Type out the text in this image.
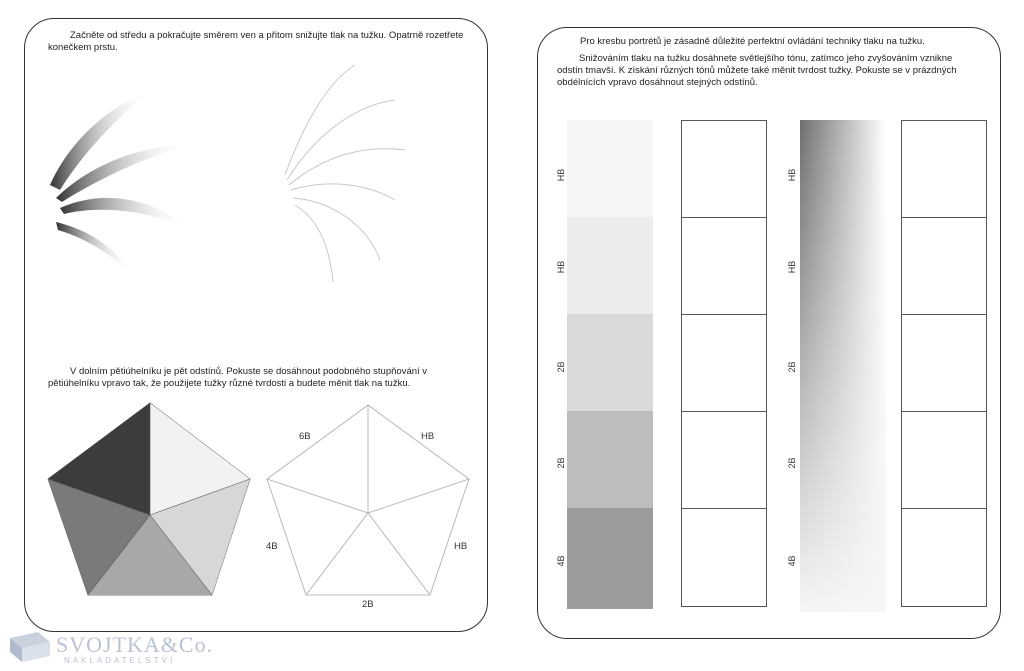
Začněte od středu a pokračujte směrem ven a přitom snižujte tlak na tužku. Opatrně rozetřete konečkem prstu.
V dolním pětiúhelníku je pět odstínů. Pokuste se dosáhnout podobného stupňování v pětiúhelníku vpravo tak, že použijete tužky různé tvrdosti a budete měnit tlak na tužku.
6B	HB
HB
2B
4B
Pro kresbu portrétů je zásadně důležité perfektní ovládání techniky tlaku na tužku.
Snižováním tlaku na tužku dosáhnete světlejšího tónu, zatímco jeho zvyšováním vznikne odstín tmavší. K získání různých tónů můžete také měnit tvrdost tužky. Pokuste se v prázdných obdélnících vpravo dosáhnout stejných odstínů.
HB
HB
2B
2B
4B
HB
HB
2B
2B
4B
SVOJTKA&Co.
NAKLADATELSTVÍ
